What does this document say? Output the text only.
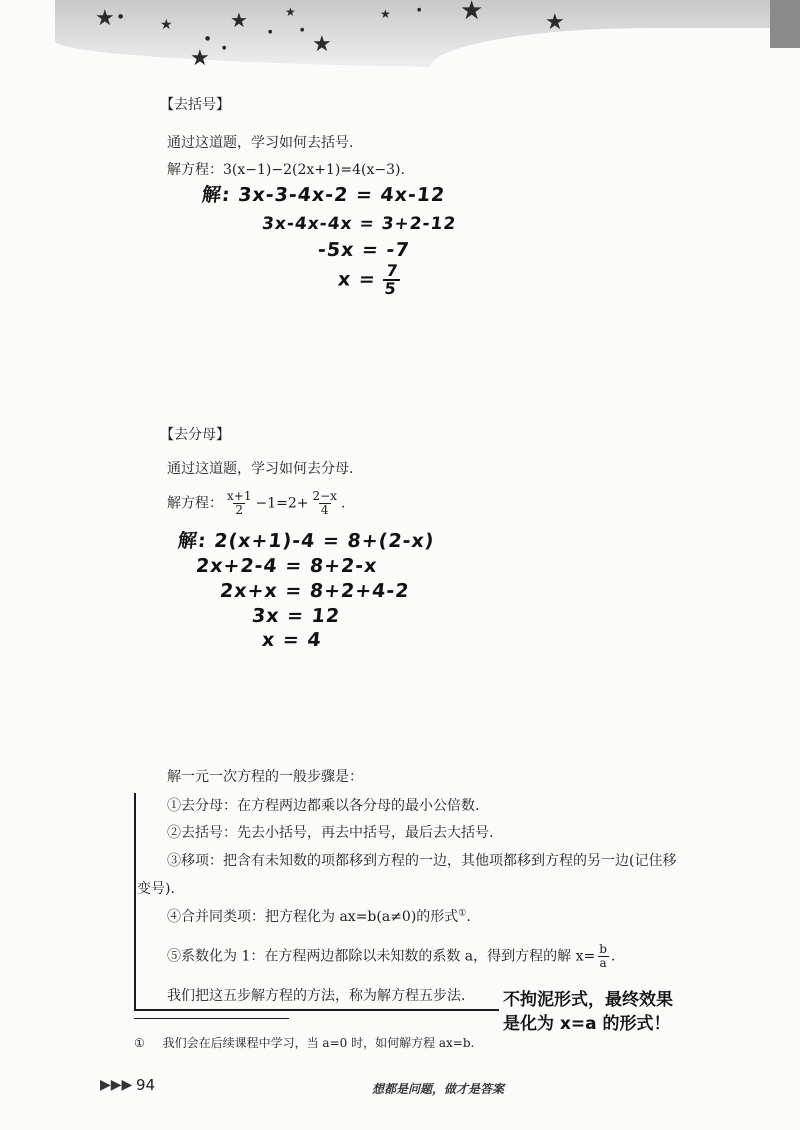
★	★
★
★	★
★
★	★	★
●
●
●
●	●
●
【去括号】
通过这道题，学习如何去括号.
解方程：3(x−1)−2(2x+1)=4(x−3).
解: 3x-3-4x-2 = 4x-12
3x-4x-4x = 3+2-12
-5x = -7
$x = \frac{7}{5}$
【去分母】
通过这道题，学习如何去分母.
解方程： $\frac{x+1}{2} -1=2+ \frac{2-x}{4}$ .
解: 2(x+1)-4 = 8+(2-x)
2x+2-4 = 8+2-x
2x+x = 8+2+4-2
3x = 12
x = 4
解一元一次方程的一般步骤是：
①去分母：在方程两边都乘以各分母的最小公倍数.
②去括号：先去小括号，再去中括号，最后去大括号.
③移项：把含有未知数的项都移到方程的一边，其他项都移到方程的另一边(记住移
变号).
④合并同类项：把方程化为 ax=b(a≠0)的形式①.
⑤系数化为 1：在方程两边都除以未知数的系数 a，得到方程的解 $x= \frac{b}{a}$ .
我们把这五步解方程的方法，称为解方程五步法. 不拘泥形式，最终效果
是化为 x=a 的形式！
① 我们会在后续课程中学习，当 a=0 时，如何解方程 ax=b.
▶▶▶ 94	想都是问题，做才是答案
